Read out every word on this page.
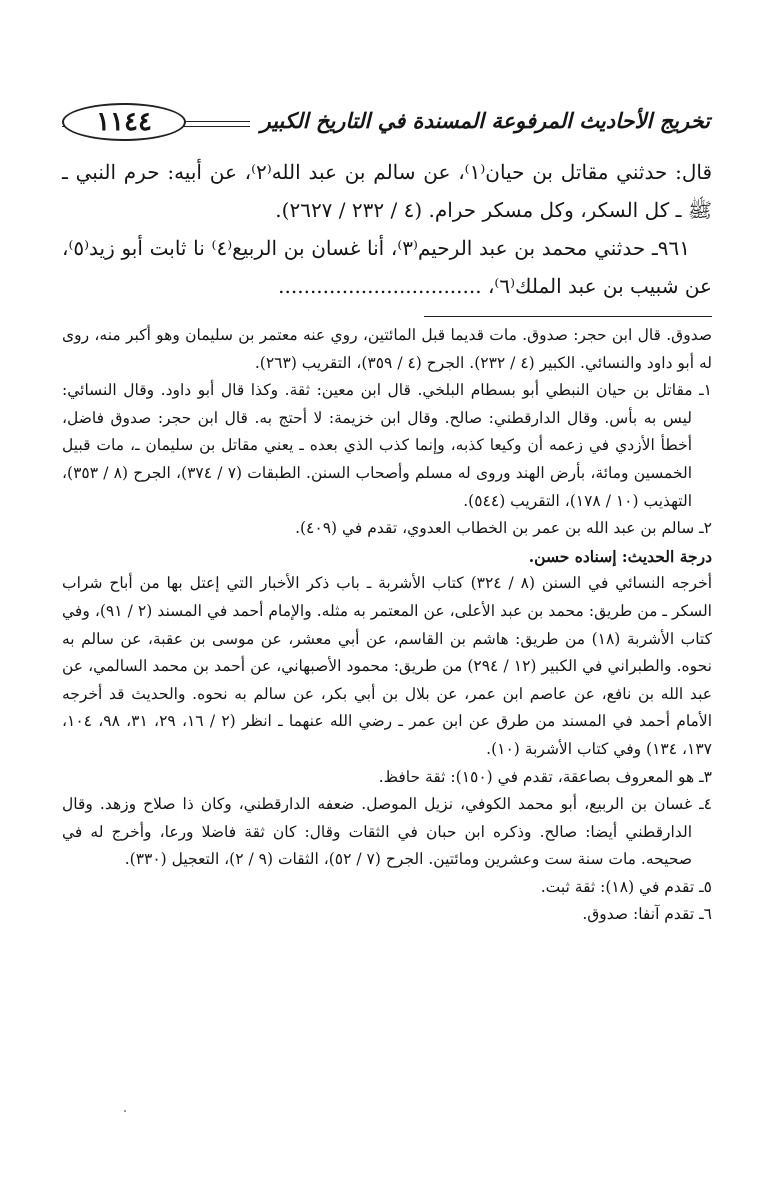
تخريج الأحاديث المرفوعة المسندة في التاريخ الكبير
١١٤٤

قال: حدثني مقاتل بن حيان⁽١⁾، عن سالم بن عبد الله⁽٢⁾، عن أبيه: حرم النبي ـ ﷺ ـ كل السكر، وكل مسكر حرام. (٤ / ٢٣٢ / ٢٦٢٧).

٩٦١ـ حدثني محمد بن عبد الرحيم⁽٣⁾، أنا غسان بن الربيع⁽٤⁾ نا ثابت أبو زيد⁽٥⁾، عن شبيب بن عبد الملك⁽٦⁾، ................................

صدوق. قال ابن حجر: صدوق. مات قديما قبل المائتين، روي عنه معتمر بن سليمان وهو أكبر منه، روى له أبو داود والنسائي. الكبير (٤ / ٢٣٢). الجرح (٤ / ٣٥٩)، التقريب (٢٦٣).

١ـ مقاتل بن حيان النبطي أبو بسطام البلخي. قال ابن معين: ثقة. وكذا قال أبو داود. وقال النسائي: ليس به بأس. وقال الدارقطني: صالح. وقال ابن خزيمة: لا أحتج به. قال ابن حجر: صدوق فاضل، أخطأ الأزدي في زعمه أن وكيعا كذبه، وإنما كذب الذي بعده ـ يعني مقاتل بن سليمان ـ، مات قبيل الخمسين ومائة، بأرض الهند وروى له مسلم وأصحاب السنن. الطبقات (٧ / ٣٧٤)، الجرح (٨ / ٣٥٣)، التهذيب (١٠ / ١٧٨)، التقريب (٥٤٤).

٢ـ سالم بن عبد الله بن عمر بن الخطاب العدوي، تقدم في (٤٠٩).

درجة الحديث: إسناده حسن.

أخرجه النسائي في السنن (٨ / ٣٢٤) كتاب الأشربة ـ باب ذكر الأخبار التي إعتل بها من أباح شراب السكر ـ من طريق: محمد بن عبد الأعلى، عن المعتمر به مثله. والإمام أحمد في المسند (٢ / ٩١)، وفي كتاب الأشربة (١٨) من طريق: هاشم بن القاسم، عن أبي معشر، عن موسى بن عقبة، عن سالم به نحوه. والطبراني في الكبير (١٢ / ٢٩٤) من طريق: محمود الأصبهاني، عن أحمد بن محمد السالمي، عن عبد الله بن نافع، عن عاصم ابن عمر، عن بلال بن أبي بكر، عن سالم به نحوه. والحديث قد أخرجه الأمام أحمد في المسند من طرق عن ابن عمر ـ رضي الله عنهما ـ انظر (٢ / ١٦، ٢٩، ٣١، ٩٨، ١٠٤، ١٣٧، ١٣٤) وفي كتاب الأشربة (١٠).

٣ـ هو المعروف بصاعقة، تقدم في (١٥٠): ثقة حافظ.

٤ـ غسان بن الربيع، أبو محمد الكوفي، نزيل الموصل. ضعفه الدارقطني، وكان ذا صلاح وزهد. وقال الدارقطني أيضا: صالح. وذكره ابن حبان في الثقات وقال: كان ثقة فاضلا ورعا، وأخرج له في صحيحه. مات سنة ست وعشرين ومائتين. الجرح (٧ / ٥٢)، الثقات (٩ / ٢)، التعجيل (٣٣٠).

٥ـ تقدم في (١٨): ثقة ثبت.

٦ـ تقدم آنفا: صدوق.
